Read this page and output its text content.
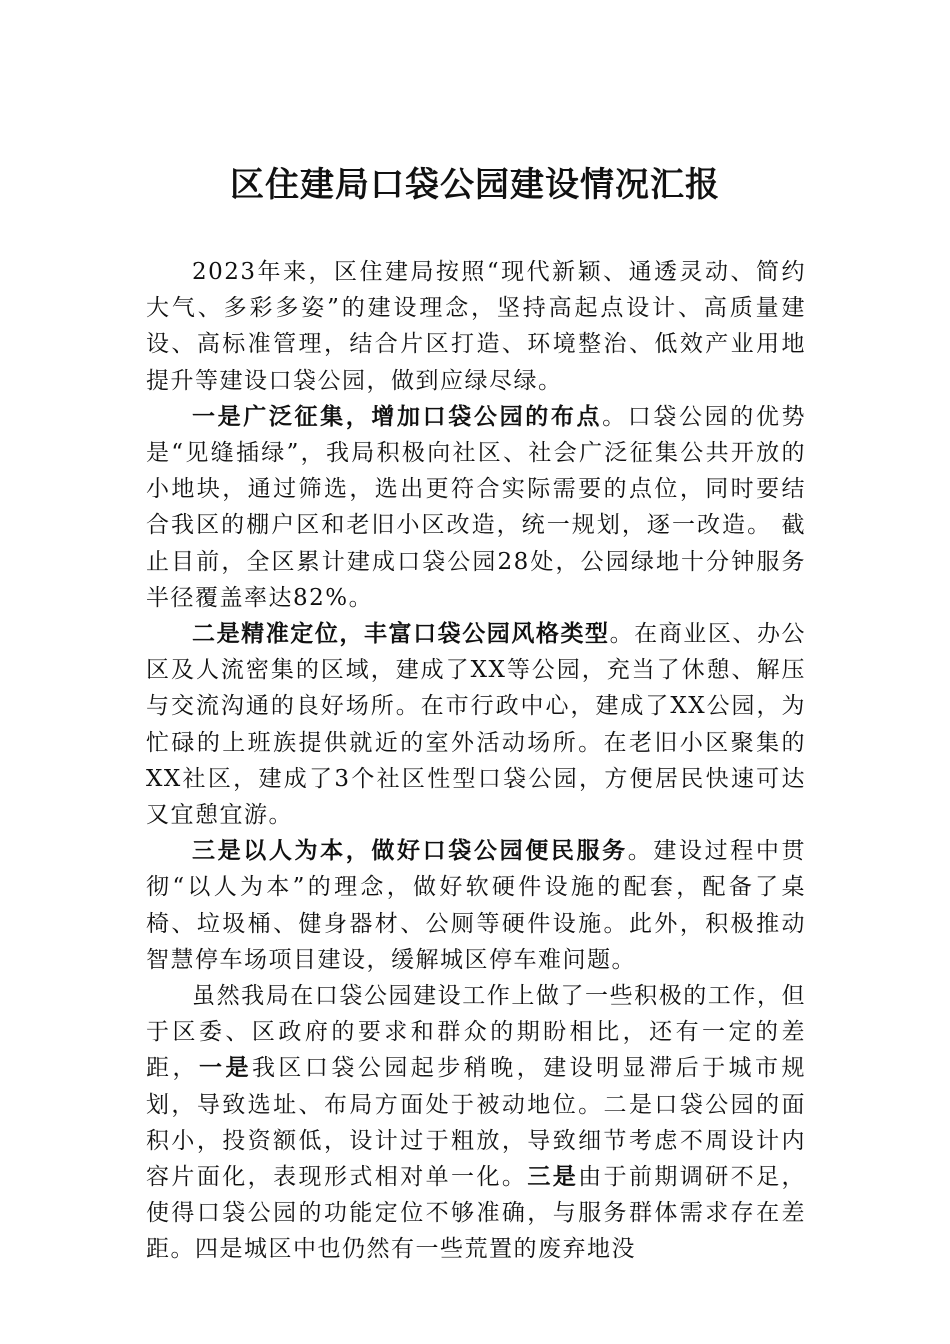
区住建局口袋公园建设情况汇报

2023年来，区住建局按照“现代新颖、通透灵动、简约大气、多彩多姿”的建设理念，坚持高起点设计、高质量建设、高标准管理，结合片区打造、环境整治、低效产业用地提升等建设口袋公园，做到应绿尽绿。

一是广泛征集，增加口袋公园的布点。口袋公园的优势是“见缝插绿”，我局积极向社区、社会广泛征集公共开放的小地块，通过筛选，选出更符合实际需要的点位，同时要结合我区的棚户区和老旧小区改造，统一规划，逐一改造。 截止目前，全区累计建成口袋公园28处，公园绿地十分钟服务半径覆盖率达82%。

二是精准定位，丰富口袋公园风格类型。在商业区、办公区及人流密集的区域，建成了XX等公园，充当了休憩、解压与交流沟通的良好场所。在市行政中心，建成了XX公园，为忙碌的上班族提供就近的室外活动场所。在老旧小区聚集的XX社区，建成了3个社区性型口袋公园，方便居民快速可达又宜憩宜游。

三是以人为本，做好口袋公园便民服务。建设过程中贯彻“以人为本”的理念，做好软硬件设施的配套，配备了桌椅、垃圾桶、健身器材、公厕等硬件设施。此外，积极推动智慧停车场项目建设，缓解城区停车难问题。

虽然我局在口袋公园建设工作上做了一些积极的工作，但于区委、区政府的要求和群众的期盼相比，还有一定的差距，一是我区口袋公园起步稍晚，建设明显滞后于城市规划，导致选址、布局方面处于被动地位。二是口袋公园的面积小，投资额低，设计过于粗放，导致细节考虑不周设计内容片面化，表现形式相对单一化。三是由于前期调研不足，使得口袋公园的功能定位不够准确，与服务群体需求存在差距。四是城区中也仍然有一些荒置的废弃地没
